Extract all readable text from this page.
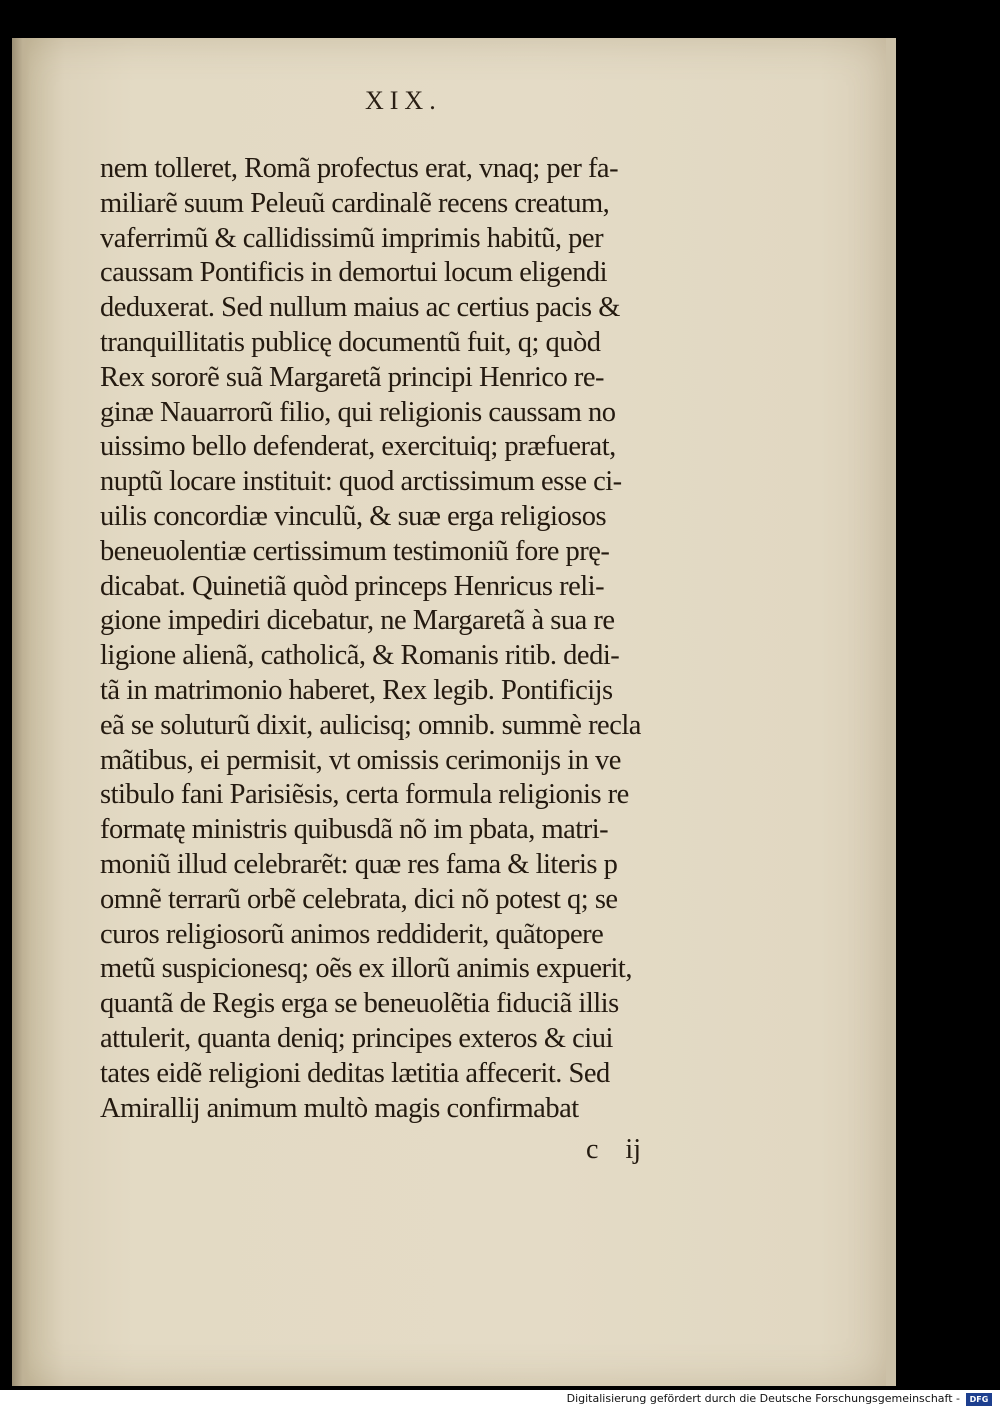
XIX.
nem tolleret, Romã profectus erat, vnaq; per fa-
miliarẽ suum Peleuũ cardinalẽ recens creatum,
vaferrimũ & callidissimũ imprimis habitũ, per
caussam Pontificis in demortui locum eligendi
deduxerat. Sed nullum maius ac certius pacis &
tranquillitatis publicę documentũ fuit, q; quòd
Rex sororẽ suã Margaretã principi Henrico re-
ginæ Nauarrorũ filio, qui religionis caussam no
uissimo bello defenderat, exercituiq; præfuerat,
nuptũ locare instituit: quod arctissimum esse ci-
uilis concordiæ vinculũ, & suæ erga religiosos
beneuolentiæ certissimum testimoniũ fore prę-
dicabat. Quinetiã quòd princeps Henricus reli-
gione impediri dicebatur, ne Margaretã à sua re
ligione alienã, catholicã, & Romanis ritib. dedi-
tã in matrimonio haberet, Rex legib. Pontificijs
eã se soluturũ dixit, aulicisq; omnib. summè recla
mãtibus, ei permisit, vt omissis cerimonijs in ve
stibulo fani Parisiẽsis, certa formula religionis re
formatę ministris quibusdã nõ im pbata, matri-
moniũ illud celebrarẽt: quæ res fama & literis p
omnẽ terrarũ orbẽ celebrata, dici nõ potest q; se
curos religiosorũ animos reddiderit, quãtopere
metũ suspicionesq; oẽs ex illorũ animis expuerit,
quantã de Regis erga se beneuolẽtia fiduciã illis
attulerit, quanta deniq; principes exteros & ciui
tates eidẽ religioni deditas lætitia affecerit. Sed
Amirallij animum multò magis confirmabat
c ij
Digitalisierung gefördert durch die Deutsche Forschungsgemeinschaft -	DFG
